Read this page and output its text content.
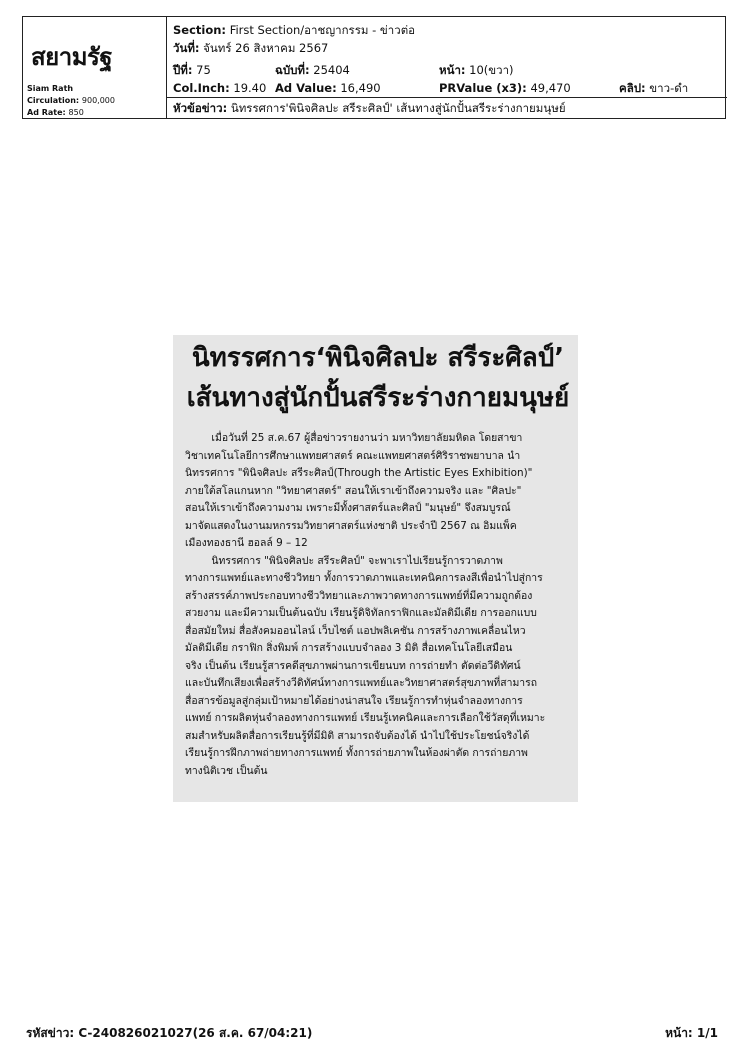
สยามรัฐ
Siam Rath
Circulation: 900,000
Ad Rate: 850
Section: First Section/อาชญากรรม - ข่าวต่อ
วันที่: จันทร์ 26 สิงหาคม 2567
ปีที่: 75	ฉบับที่: 25404	หน้า: 10(ขวา)
Col.Inch: 19.40 Ad Value: 16,490	PRValue (x3): 49,470	คลิป: ขาว-ดำ
หัวข้อข่าว: นิทรรศการ'พินิจศิลปะ สรีระศิลป์' เส้นทางสู่นักปั้นสรีระร่างกายมนุษย์
นิทรรศการ‘พินิจศิลปะ สรีระศิลป์’
เส้นทางสู่นักปั้นสรีระร่างกายมนุษย์
เมื่อวันที่ 25 ส.ค.67 ผู้สื่อข่าวรายงานว่า มหาวิทยาลัยมหิดล โดยสาขา
วิชาเทคโนโลยีการศึกษาแพทยศาสตร์ คณะแพทยศาสตร์ศิริราชพยาบาล นำ
นิทรรศการ "พินิจศิลปะ สรีระศิลป์(Through the Artistic Eyes Exhibition)"
ภายใต้สโลแกนหาก "วิทยาศาสตร์" สอนให้เราเข้าถึงความจริง และ "ศิลปะ"
สอนให้เราเข้าถึงความงาม เพราะมีทั้งศาสตร์และศิลป์ "มนุษย์" จึงสมบูรณ์
มาจัดแสดงในงานมหกรรมวิทยาศาสตร์แห่งชาติ ประจำปี 2567 ณ อิมแพ็ค
เมืองทองธานี ฮอลล์ 9 – 12
นิทรรศการ "พินิจศิลปะ สรีระศิลป์" จะพาเราไปเรียนรู้การวาดภาพ
ทางการแพทย์และทางชีววิทยา ทั้งการวาดภาพและเทคนิคการลงสีเพื่อนำไปสู่การ
สร้างสรรค์ภาพประกอบทางชีววิทยาและภาพวาดทางการแพทย์ที่มีความถูกต้อง
สวยงาม และมีความเป็นต้นฉบับ เรียนรู้ดิจิทัลกราฟิกและมัลติมีเดีย การออกแบบ
สื่อสมัยใหม่ สื่อสังคมออนไลน์ เว็บไซต์ แอปพลิเคชัน การสร้างภาพเคลื่อนไหว
มัลติมีเดีย กราฟิก สิ่งพิมพ์ การสร้างแบบจำลอง 3 มิติ สื่อเทคโนโลยีเสมือน
จริง เป็นต้น เรียนรู้สารคดีสุขภาพผ่านการเขียนบท การถ่ายทำ ตัดต่อวีดิทัศน์
และบันทึกเสียงเพื่อสร้างวีดิทัศน์ทางการแพทย์และวิทยาศาสตร์สุขภาพที่สามารถ
สื่อสารข้อมูลสู่กลุ่มเป้าหมายได้อย่างน่าสนใจ เรียนรู้การทำหุ่นจำลองทางการ
แพทย์ การผลิตหุ่นจำลองทางการแพทย์ เรียนรู้เทคนิคและการเลือกใช้วัสดุที่เหมาะ
สมสำหรับผลิตสื่อการเรียนรู้ที่มีมิติ สามารถจับต้องได้ นำไปใช้ประโยชน์จริงได้
เรียนรู้การฝึกภาพถ่ายทางการแพทย์ ทั้งการถ่ายภาพในห้องผ่าตัด การถ่ายภาพ
ทางนิติเวช เป็นต้น
รหัสข่าว: C-240826021027(26 ส.ค. 67/04:21)	หน้า: 1/1
